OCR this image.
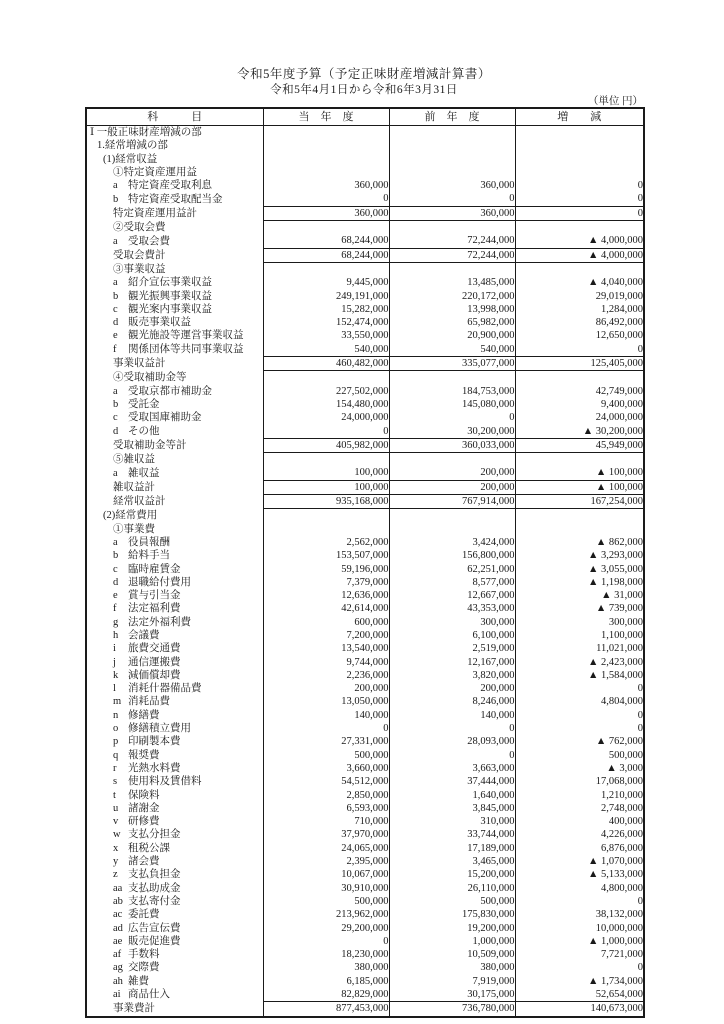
令和5年度予算（予定正味財産増減計算書）
令和5年4月1日から令和6年3月31日
（単位 円）
科　　　目	当　年　度	前　年　度	増　　減
Ⅰ 一般正味財産増減の部			
1.経常増減の部			
(1)経常収益			
①特定資産運用益			
a 特定資産受取利息	360,000	360,000	0
b 特定資産受取配当金	0	0	0
特定資産運用益計	360,000	360,000	0
②受取会費			
a 受取会費	68,244,000	72,244,000	▲ 4,000,000
受取会費計	68,244,000	72,244,000	▲ 4,000,000
③事業収益			
a 紹介宣伝事業収益	9,445,000	13,485,000	▲ 4,040,000
b 観光振興事業収益	249,191,000	220,172,000	29,019,000
c 観光案内事業収益	15,282,000	13,998,000	1,284,000
d 販売事業収益	152,474,000	65,982,000	86,492,000
e 観光施設等運営事業収益	33,550,000	20,900,000	12,650,000
f 関係団体等共同事業収益	540,000	540,000	0
事業収益計	460,482,000	335,077,000	125,405,000
④受取補助金等			
a 受取京都市補助金	227,502,000	184,753,000	42,749,000
b 受託金	154,480,000	145,080,000	9,400,000
c 受取国庫補助金	24,000,000	0	24,000,000
d その他	0	30,200,000	▲ 30,200,000
受取補助金等計	405,982,000	360,033,000	45,949,000
⑤雑収益			
a 雑収益	100,000	200,000	▲ 100,000
雑収益計	100,000	200,000	▲ 100,000
経常収益計	935,168,000	767,914,000	167,254,000
(2)経常費用			
①事業費			
a 役員報酬	2,562,000	3,424,000	▲ 862,000
b 給料手当	153,507,000	156,800,000	▲ 3,293,000
c 臨時雇賃金	59,196,000	62,251,000	▲ 3,055,000
d 退職給付費用	7,379,000	8,577,000	▲ 1,198,000
e 賞与引当金	12,636,000	12,667,000	▲ 31,000
f 法定福利費	42,614,000	43,353,000	▲ 739,000
g 法定外福利費	600,000	300,000	300,000
h 会議費	7,200,000	6,100,000	1,100,000
i 旅費交通費	13,540,000	2,519,000	11,021,000
j 通信運搬費	9,744,000	12,167,000	▲ 2,423,000
k 減価償却費	2,236,000	3,820,000	▲ 1,584,000
l 消耗什器備品費	200,000	200,000	0
m 消耗品費	13,050,000	8,246,000	4,804,000
n 修繕費	140,000	140,000	0
o 修繕積立費用	0	0	0
p 印刷製本費	27,331,000	28,093,000	▲ 762,000
q 報奨費	500,000	0	500,000
r 光熱水料費	3,660,000	3,663,000	▲ 3,000
s 使用料及賃借料	54,512,000	37,444,000	17,068,000
t 保険料	2,850,000	1,640,000	1,210,000
u 諸謝金	6,593,000	3,845,000	2,748,000
v 研修費	710,000	310,000	400,000
w 支払分担金	37,970,000	33,744,000	4,226,000
x 租税公課	24,065,000	17,189,000	6,876,000
y 諸会費	2,395,000	3,465,000	▲ 1,070,000
z 支払負担金	10,067,000	15,200,000	▲ 5,133,000
aa 支払助成金	30,910,000	26,110,000	4,800,000
ab 支払寄付金	500,000	500,000	0
ac 委託費	213,962,000	175,830,000	38,132,000
ad 広告宣伝費	29,200,000	19,200,000	10,000,000
ae 販売促進費	0	1,000,000	▲ 1,000,000
af 手数料	18,230,000	10,509,000	7,721,000
ag 交際費	380,000	380,000	0
ah 雑費	6,185,000	7,919,000	▲ 1,734,000
ai 商品仕入	82,829,000	30,175,000	52,654,000
事業費計	877,453,000	736,780,000	140,673,000
